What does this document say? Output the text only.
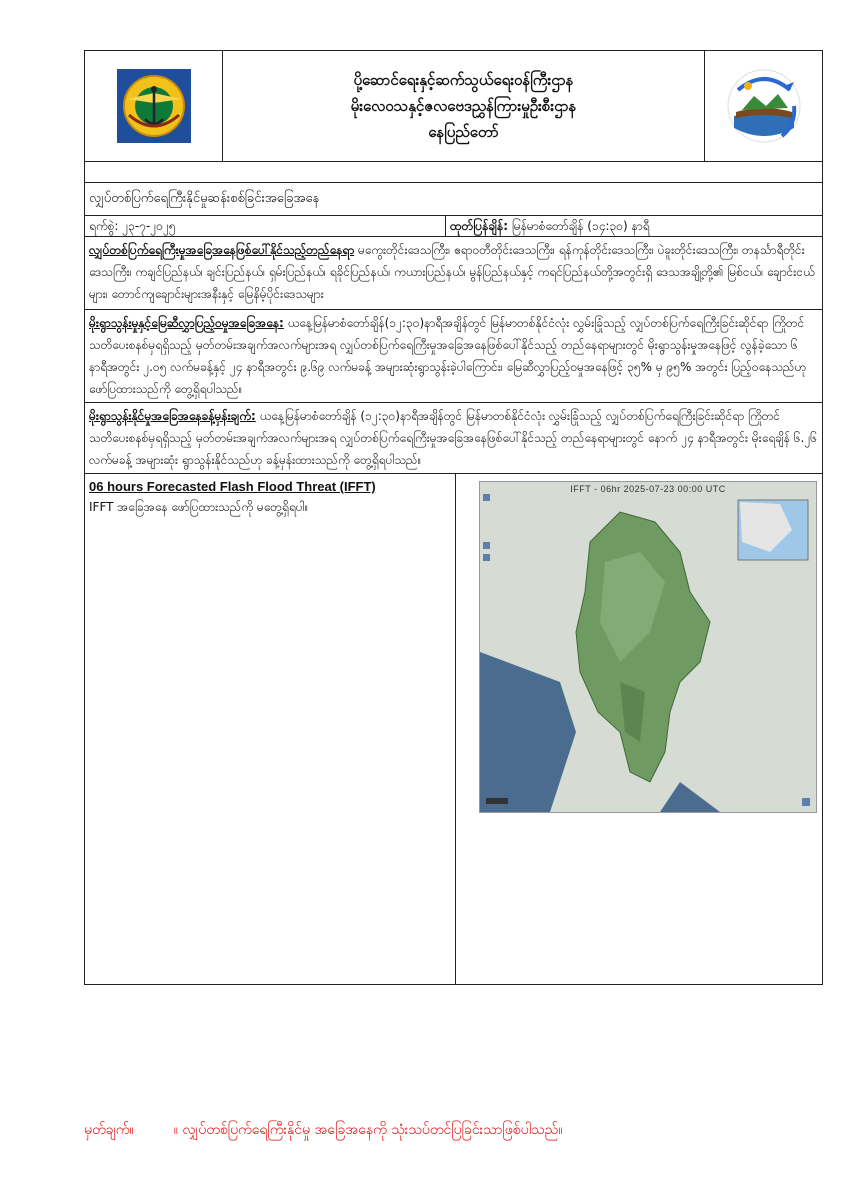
ပို့ဆောင်ရေးနှင့်ဆက်သွယ်ရေးဝန်ကြီးဌာန
မိုးလေဝသနှင့်ဇလဗေဒညွှန်ကြားမှုဦးစီးဌာန
နေပြည်တော်
လျှပ်တစ်ပြက်ရေကြီးနိုင်မှုဆန်းစစ်ခြင်းအခြေအနေ
ရက်စွဲ: ၂၃-၇-၂၀၂၅	ထုတ်ပြန်ချိန်: မြန်မာစံတော်ချိန် (၁၄:၃၀) နာရီ
လျှပ်တစ်ပြက်ရေကြီးမှုအခြေအနေဖြစ်ပေါ်နိုင်သည့်တည်နေရာ မကွေးတိုင်းဒေသကြီး၊ ဧရာဝတီတိုင်းဒေသကြီး၊ ရန်ကုန်တိုင်းဒေသကြီး၊ ပဲခူးတိုင်းဒေသကြီး၊ တနင်္သာရီတိုင်းဒေသကြီး၊ ကချင်ပြည်နယ်၊ ချင်းပြည်နယ်၊ ရှမ်းပြည်နယ်၊ ရခိုင်ပြည်နယ်၊ ကယားပြည်နယ်၊ မွန်ပြည်နယ်နှင့် ကရင်ပြည်နယ်တို့အတွင်းရှိ ဒေသအချို့တို့၏ မြစ်ငယ်၊ ချောင်းငယ်များ၊ တောင်ကျချောင်းများအနီးနှင့် မြေနိမ့်ပိုင်းဒေသများ
မိုးရွာသွန်းမှုနှင့်မြေဆီလွှာပြည့်ဝမှုအခြေအနေ: ယနေ့မြန်မာစံတော်ချိန်(၁၂:၃၀)နာရီအချိန်တွင် မြန်မာတစ်နိုင်ငံလုံး လွှမ်းခြုံသည့် လျှပ်တစ်ပြက်ရေကြီးခြင်းဆိုင်ရာ ကြိုတင်သတိပေးစနစ်မှရရှိသည့် မှတ်တမ်းအချက်အလက်များအရ လျှပ်တစ်ပြက်ရေကြီးမှုအခြေအနေဖြစ်ပေါ်နိုင်သည့် တည်နေရာများတွင် မိုးရွာသွန်းမှုအနေဖြင့် လွန်ခဲ့သော ၆ နာရီအတွင်း ၂.၀၅ လက်မခန့်နှင့် ၂၄ နာရီအတွင်း ၉.၆၉ လက်မခန့် အများဆုံးရွာသွန်းခဲ့ပါကြောင်း၊ မြေဆီလွှာပြည့်ဝမှုအနေဖြင့် ၃၅% မှ ၉၅% အတွင်း ပြည့်ဝနေသည်ဟု ဖော်ပြထားသည်ကို တွေ့ရှိရပါသည်။
မိုးရွာသွန်းနိုင်မှုအခြေအနေခန့်မှန်းချက်: ယနေ့မြန်မာစံတော်ချိန် (၁၂:၃၀)နာရီအချိန်တွင် မြန်မာတစ်နိုင်ငံလုံး လွှမ်းခြုံသည့် လျှပ်တစ်ပြက်ရေကြီးခြင်းဆိုင်ရာ ကြိုတင်သတိပေးစနစ်မှရရှိသည့် မှတ်တမ်းအချက်အလက်များအရ လျှပ်တစ်ပြက်ရေကြီးမှုအခြေအနေဖြစ်ပေါ်နိုင်သည့် တည်နေရာများတွင် နောက် ၂၄ နာရီအတွင်း မိုးရေချိန် ၆.၂၆ လက်မခန့် အများဆုံး ရွာသွန်းနိုင်သည်ဟု ခန့်မှန်းထားသည်ကို တွေ့ရှိရပါသည်။
06 hours Forecasted Flash Flood Threat (IFFT)
IFFT အခြေအနေ ဖော်ပြထားသည်ကို မတွေ့ရှိရပါ။
IFFT - 06hr 2025-07-23 00:00 UTC
မှတ်ချက်။	။ လျှပ်တစ်ပြက်ရေကြီးနိုင်မှု အခြေအနေကို သုံးသပ်တင်ပြခြင်းသာဖြစ်ပါသည်။
